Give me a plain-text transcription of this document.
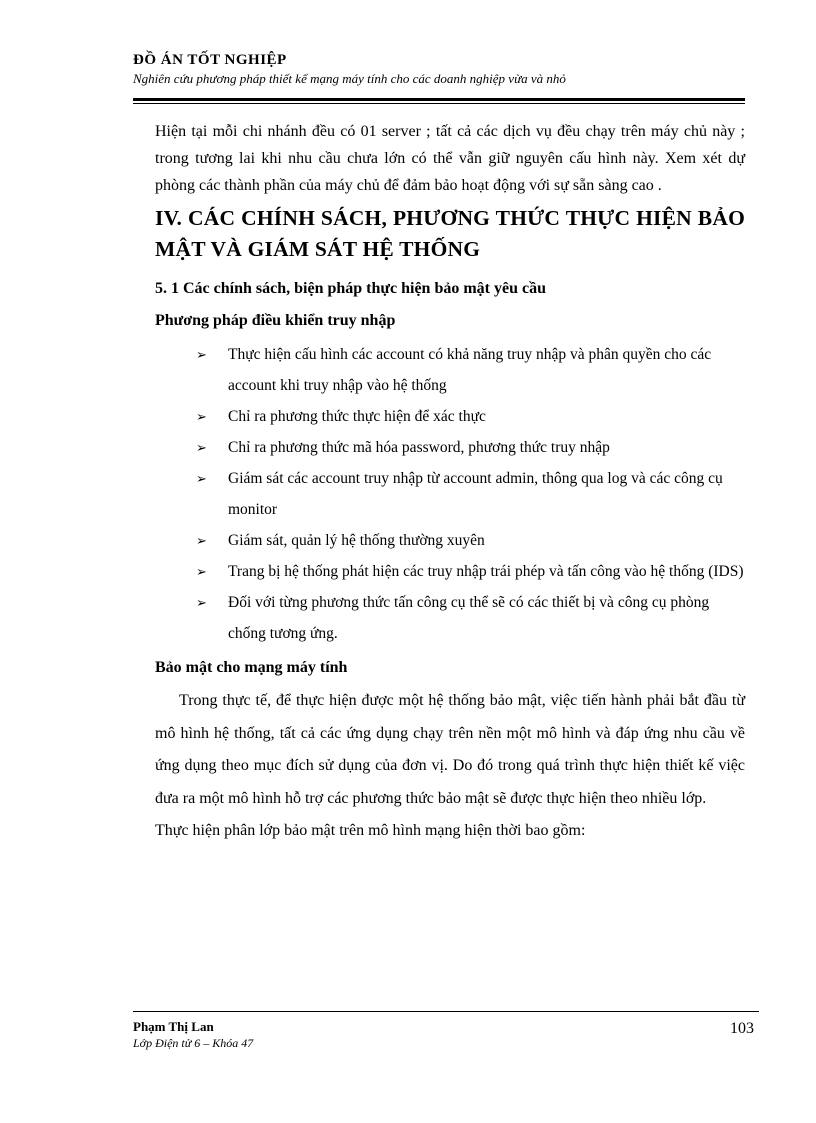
ĐỒ ÁN TỐT NGHIỆP
Nghiên cứu phương pháp thiết kế mạng máy tính cho các doanh nghiệp vừa và nhỏ
Hiện tại mỗi chi nhánh đều có 01 server ; tất cả các dịch vụ đều chạy trên máy chủ này ; trong tương lai khi nhu cầu chưa lớn có thể vẫn giữ nguyên cấu hình này. Xem xét dự phòng các thành phần của máy chủ để đảm bảo hoạt động với sự sẵn sàng cao .
IV. CÁC CHÍNH SÁCH, PHƯƠNG THỨC THỰC HIỆN BẢO MẬT VÀ GIÁM SÁT HỆ THỐNG
5. 1 Các chính sách, biện pháp thực hiện bảo mật yêu cầu
Phương pháp điều khiển truy nhập
➢ Thực hiện cấu hình các account có khả năng truy nhập và phân quyền cho các account khi truy nhập vào hệ thống
➢ Chỉ ra phương thức thực hiện để xác thực
➢ Chỉ ra phương thức mã hóa password, phương thức truy nhập
➢ Giám sát các account truy nhập từ account admin, thông qua log và các công cụ monitor
➢ Giám sát, quản lý hệ thống thường xuyên
➢ Trang bị hệ thống phát hiện các truy nhập trái phép và tấn công vào hệ thống (IDS)
➢ Đối với từng phương thức tấn công cụ thể sẽ có các thiết bị và công cụ phòng chống tương ứng.
Bảo mật cho mạng máy tính
Trong thực tế, để thực hiện được một hệ thống bảo mật, việc tiến hành phải bắt đầu từ mô hình hệ thống, tất cả các ứng dụng chạy trên nền một mô hình và đáp ứng nhu cầu về ứng dụng theo mục đích sử dụng của đơn vị. Do đó trong quá trình thực hiện thiết kế việc đưa ra một mô hình hỗ trợ các phương thức bảo mật sẽ được thực hiện theo nhiều lớp.
Thực hiện phân lớp bảo mật trên mô hình mạng hiện thời bao gồm:
Phạm Thị Lan
Lớp Điện tử 6 – Khóa 47
103
